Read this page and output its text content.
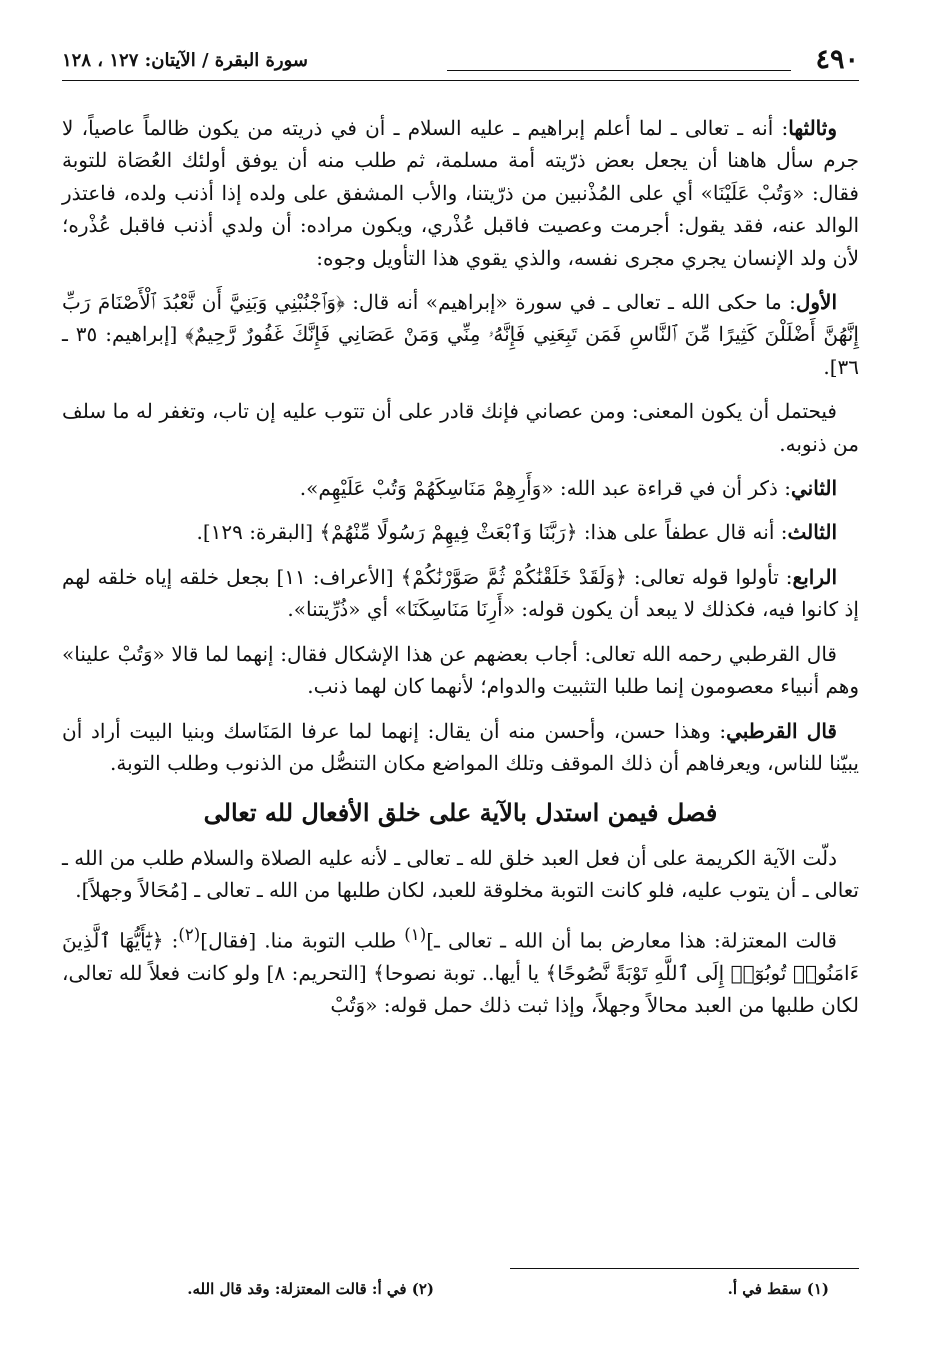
٤٩٠
سورة البقرة / الآيتان: ١٢٧ ، ١٢٨

وثالثها: أنه ـ تعالى ـ لما أعلم إبراهيم ـ عليه السلام ـ أن في ذريته من يكون ظالماً عاصياً، لا جرم سأل هاهنا أن يجعل بعض ذرّيته أمة مسلمة، ثم طلب منه أن يوفق أولئك العُصَاة للتوبة فقال: «وَتُبْ عَلَيْنَا» أي على المُذْنبين من ذرّيتنا، والأب المشفق على ولده إذا أذنب ولده، فاعتذر الوالد عنه، فقد يقول: أجرمت وعصيت فاقبل عُذْري، ويكون مراده: أن ولدي أذنب فاقبل عُذْره؛ لأن ولد الإنسان يجري مجرى نفسه، والذي يقوي هذا التأويل وجوه:

الأول: ما حكى الله ـ تعالى ـ في سورة «إبراهيم» أنه قال: ﴿وَٱجْنُبْنِي وَبَنِيَّ أَن نَّعْبُدَ ٱلْأَصْنَامَ رَبِّ إِنَّهُنَّ أَضْلَلْنَ كَثِيرًا مِّنَ ٱلنَّاسِ فَمَن تَبِعَنِي فَإِنَّهُۥ مِنِّي وَمَنْ عَصَانِي فَإِنَّكَ غَفُورٌ رَّحِيمٌ﴾ [إبراهيم: ٣٥ ـ ٣٦].

فيحتمل أن يكون المعنى: ومن عصاني فإنك قادر على أن تتوب عليه إن تاب، وتغفر له ما سلف من ذنوبه.

الثاني: ذكر أن في قراءة عبد الله: «وَأَرِهِمْ مَنَاسِكَهُمْ وَتُبْ عَلَيْهِم».

الثالث: أنه قال عطفاً على هذا: ﴿رَبَّنَا وَٱبْعَثْ فِيهِمْ رَسُولًا مِّنْهُمْ﴾ [البقرة: ١٢٩].

الرابع: تأولوا قوله تعالى: ﴿وَلَقَدْ خَلَقْنَٰكُمْ ثُمَّ صَوَّرْنَٰكُمْ﴾ [الأعراف: ١١] بجعل خلقه إياه خلقه لهم إذ كانوا فيه، فكذلك لا يبعد أن يكون قوله: «أَرِنَا مَنَاسِكَنَا» أي «ذُرِّيتنا».

قال القرطبي رحمه الله تعالى: أجاب بعضهم عن هذا الإشكال فقال: إنهما لما قالا «وَتُبْ علينا» وهم أنبياء معصومون إنما طلبا التثبيت والدوام؛ لأنهما كان لهما ذنب.

قال القرطبي: وهذا حسن، وأحسن منه أن يقال: إنهما لما عرفا المَنَاسك وبنيا البيت أراد أن يبيّنا للناس، ويعرفاهم أن ذلك الموقف وتلك المواضع مكان التنصُّل من الذنوب وطلب التوبة.

فصل فيمن استدل بالآية على خلق الأفعال لله تعالى

دلّت الآية الكريمة على أن فعل العبد خلق لله ـ تعالى ـ لأنه عليه الصلاة والسلام طلب من الله ـ تعالى ـ أن يتوب عليه، فلو كانت التوبة مخلوقة للعبد، لكان طلبها من الله ـ تعالى ـ [مُحَالاً وجهلاً].

قالت المعتزلة: هذا معارض بما أن الله ـ تعالى ـ]$^{(١)}$ طلب التوبة منا. [فقال]$^{(٢)}$: ﴿يَٰٓأَيُّهَا ٱلَّذِينَ ءَامَنُوا۟ تُوبُوٓا۟ إِلَى ٱللَّهِ تَوْبَةً نَّصُوحًا﴾ يا أيها.. توبة نصوحا﴾ [التحريم: ٨] ولو كانت فعلاً لله تعالى، لكان طلبها من العبد محالاً وجهلاً، وإذا ثبت ذلك حمل قوله: «وَتُبْ

(١) سقط في أ.
(٢) في أ: قالت المعتزلة: وقد قال الله.
